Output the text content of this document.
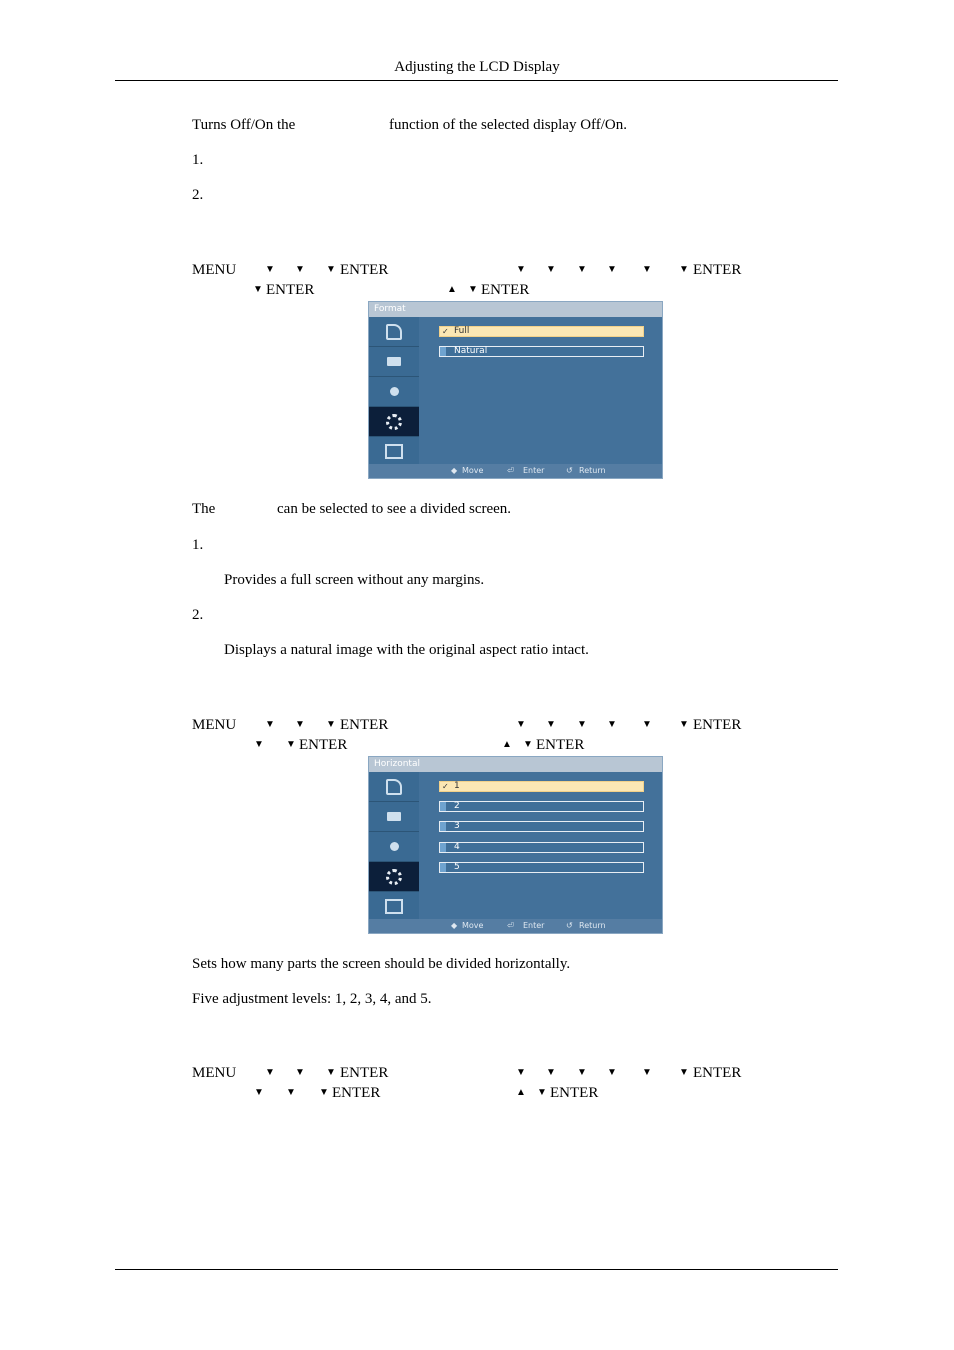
Adjusting the LCD Display
Turns Off/On the	function of the selected display Off/On.
1.
2.
MENU	▼ ▼ ▼ ENTER	▼ ▼ ▼ ▼	▼	▼ ENTER
▼ ENTER	▲ ▼ ENTER
Format
✓ Full
Natural
◆ Move	⏎ Enter	↺ Return
The	can be selected to see a divided screen.
1.
Provides a full screen without any margins.
2.
Displays a natural image with the original aspect ratio intact.
MENU	▼ ▼ ▼ ENTER	▼ ▼ ▼ ▼	▼	▼ ENTER
▼ ▼ ENTER	▲ ▼ ENTER
Horizontal
✓ 1
2
3
4
5
◆ Move	⏎ Enter	↺ Return
Sets how many parts the screen should be divided horizontally.
Five adjustment levels: 1, 2, 3, 4, and 5.
MENU	▼ ▼ ▼ ENTER	▼ ▼ ▼ ▼	▼	▼ ENTER
▼ ▼ ▼ ENTER	▲ ▼ ENTER
